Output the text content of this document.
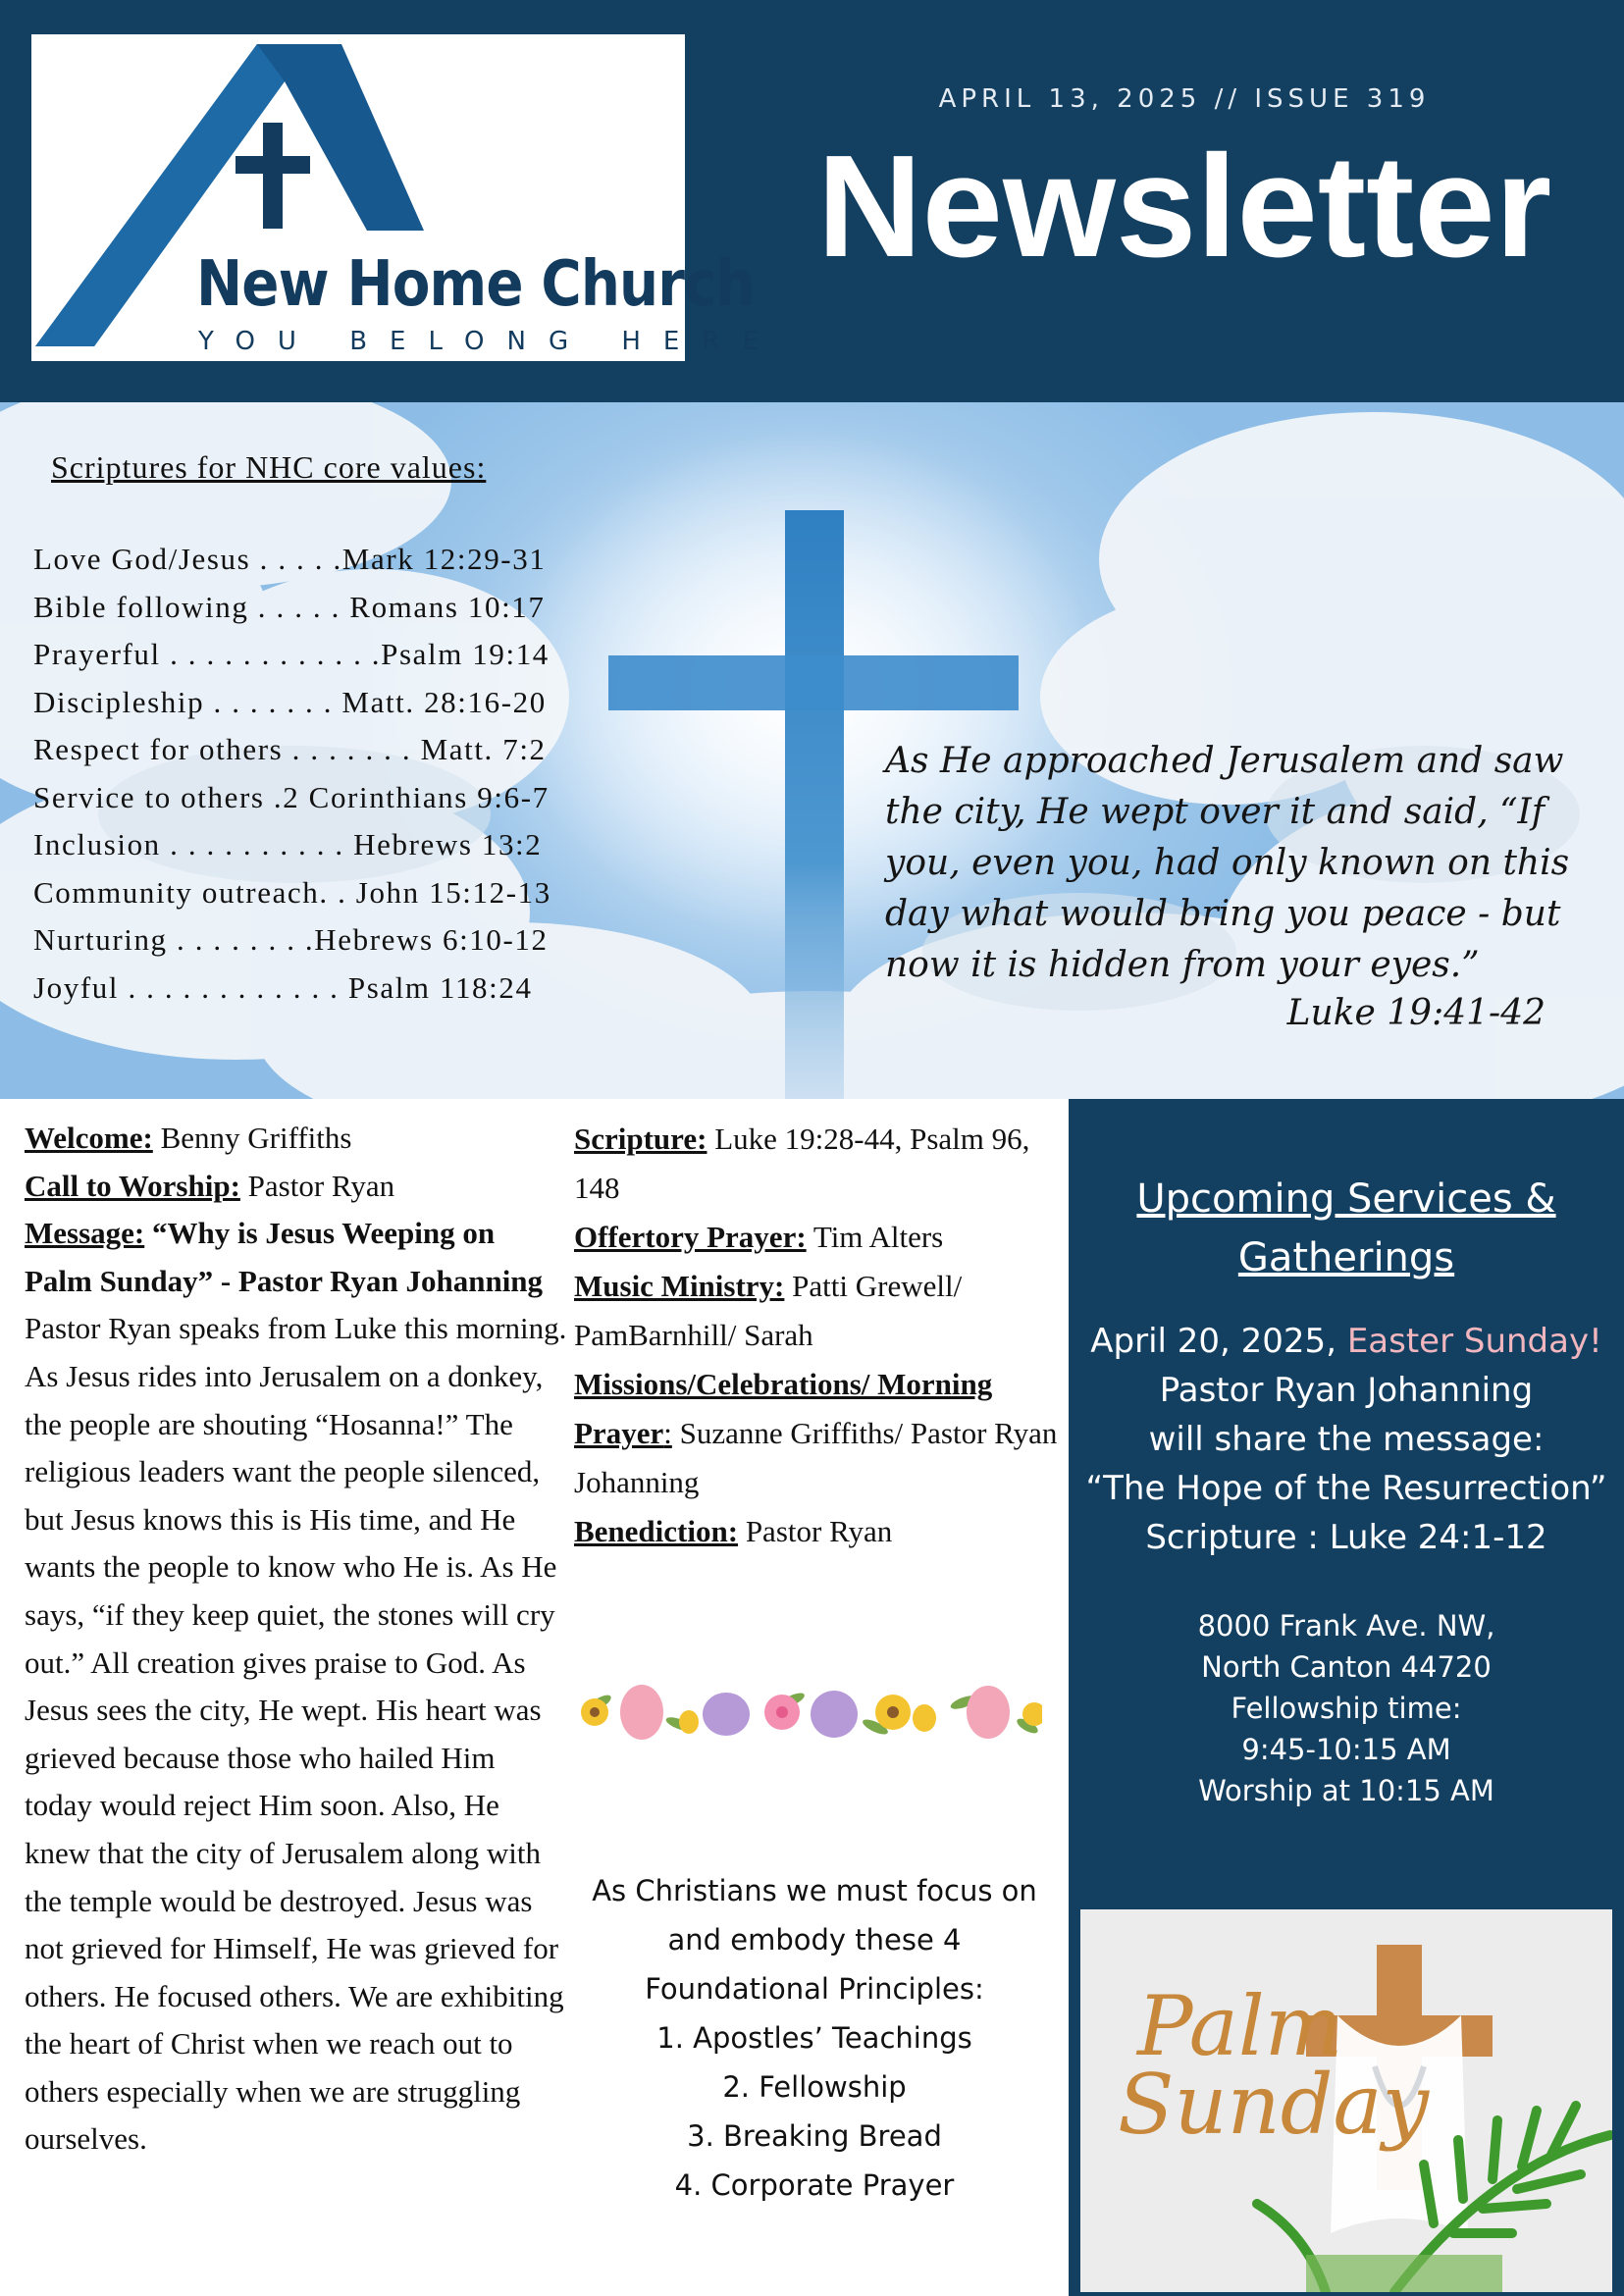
New Home Church
YOU BELONG HERE
APRIL 13, 2025 // ISSUE 319
Newsletter
Scriptures for NHC core values:
Love God/Jesus . . . . .Mark 12:29-31
Bible following . . . . . Romans 10:17
Prayerful . . . . . . . . . . . .Psalm 19:14
Discipleship . . . . . . . Matt. 28:16-20
Respect for others . . . . . . . Matt. 7:2
Service to others .2 Corinthians 9:6-7
Inclusion . . . . . . . . . . Hebrews 13:2
Community outreach. . John 15:12-13
Nurturing . . . . . . . .Hebrews 6:10-12
Joyful . . . . . . . . . . . . Psalm 118:24
As He approached Jerusalem and saw the city, He wept over it and said, “If you, even you, had only known on this day what would bring you peace - but now it is hidden from your eyes.”
Luke 19:41-42
Welcome: Benny Griffiths
Call to Worship: Pastor Ryan
Message: “Why is Jesus Weeping on Palm Sunday” - Pastor Ryan Johanning
Pastor Ryan speaks from Luke this morning. As Jesus rides into Jerusalem on a donkey, the people are shouting “Hosanna!” The religious leaders want the people silenced, but Jesus knows this is His time, and He wants the people to know who He is. As He says, “if they keep quiet, the stones will cry out.” All creation gives praise to God. As Jesus sees the city, He wept. His heart was grieved because those who hailed Him today would reject Him soon. Also, He knew that the city of Jerusalem along with the temple would be destroyed. Jesus was not grieved for Himself, He was grieved for others. He focused others. We are exhibiting the heart of Christ when we reach out to others especially when we are struggling ourselves.
Scripture: Luke 19:28-44, Psalm 96, 148
Offertory Prayer: Tim Alters
Music Ministry: Patti Grewell/ PamBarnhill/ Sarah
Missions/Celebrations/ Morning Prayer: Suzanne Griffiths/ Pastor Ryan Johanning
Benediction: Pastor Ryan
As Christians we must focus on and embody these 4 Foundational Principles:
1. Apostles’ Teachings
2. Fellowship
3. Breaking Bread
4. Corporate Prayer
Upcoming Services &
Gatherings
April 20, 2025, Easter Sunday!
Pastor Ryan Johanning
will share the message:
“The Hope of the Resurrection”
Scripture : Luke 24:1-12
8000 Frank Ave. NW,
North Canton 44720
Fellowship time:
9:45-10:15 AM
Worship at 10:15 AM
Palm
Sunday
